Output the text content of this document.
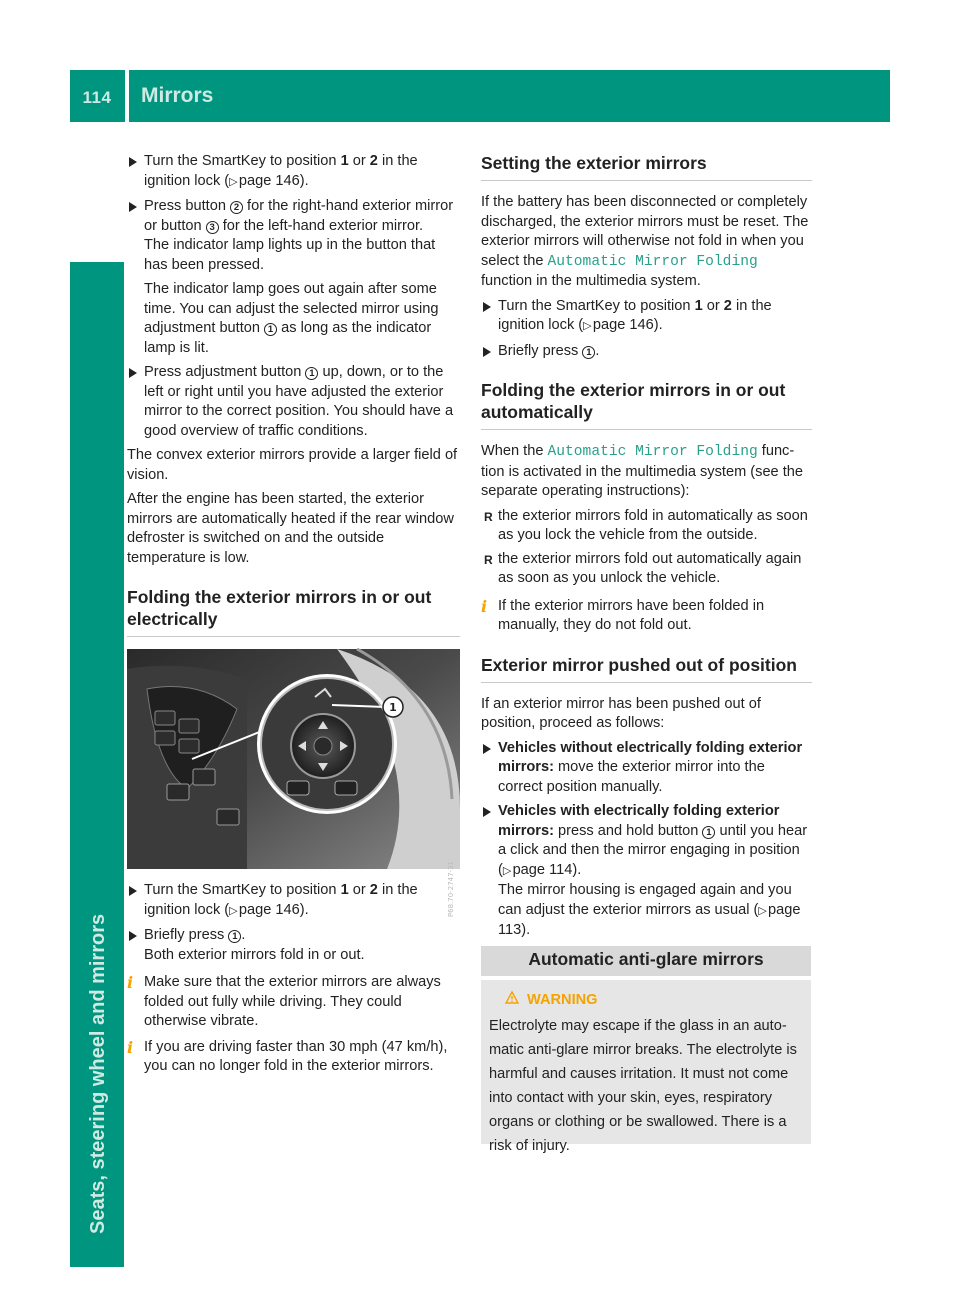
114	Mirrors
Seats, steering wheel and mirrors
Turn the SmartKey to position 1 or 2 in the ignition lock (▷ page 146).
Press button 2 for the right-hand exterior mirror or button 3 for the left-hand exterior mirror.
The indicator lamp lights up in the button that has been pressed.
The indicator lamp goes out again after some time. You can adjust the selected mirror using adjustment button 1 as long as the indicator lamp is lit.
Press adjustment button 1 up, down, or to the left or right until you have adjusted the exterior mirror to the correct position. You should have a good overview of traffic conditions.
The convex exterior mirrors provide a larger field of vision.
After the engine has been started, the exterior mirrors are automatically heated if the rear window defroster is switched on and the outside temperature is low.
Folding the exterior mirrors in or out electrically
1
P68.70-2747-31
Turn the SmartKey to position 1 or 2 in the ignition lock (▷ page 146).
Briefly press 1 .
Both exterior mirrors fold in or out.
i Make sure that the exterior mirrors are always folded out fully while driving. They could otherwise vibrate.
i If you are driving faster than 30 mph (47 km/h), you can no longer fold in the exterior mirrors.
Setting the exterior mirrors
If the battery has been disconnected or completely discharged, the exterior mirrors must be reset. The exterior mirrors will otherwise not fold in when you select the Automatic Mirror Folding function in the multimedia system.
Turn the SmartKey to position 1 or 2 in the ignition lock (▷ page 146).
Briefly press 1 .
Folding the exterior mirrors in or out automatically
When the Automatic Mirror Folding function is activated in the multimedia system (see the separate operating instructions):
R the exterior mirrors fold in automatically as soon as you lock the vehicle from the outside.
R the exterior mirrors fold out automatically again as soon as you unlock the vehicle.
i If the exterior mirrors have been folded in manually, they do not fold out.
Exterior mirror pushed out of position
If an exterior mirror has been pushed out of position, proceed as follows:
Vehicles without electrically folding exterior mirrors: move the exterior mirror into the correct position manually.
Vehicles with electrically folding exterior mirrors: press and hold button 1 until you hear a click and then the mirror engaging in position (▷ page 114).
The mirror housing is engaged again and you can adjust the exterior mirrors as usual (▷ page 113).
Automatic anti-glare mirrors
WARNING
Electrolyte may escape if the glass in an automatic anti-glare mirror breaks. The electrolyte is harmful and causes irritation. It must not come into contact with your skin, eyes, respiratory organs or clothing or be swallowed. There is a risk of injury.
